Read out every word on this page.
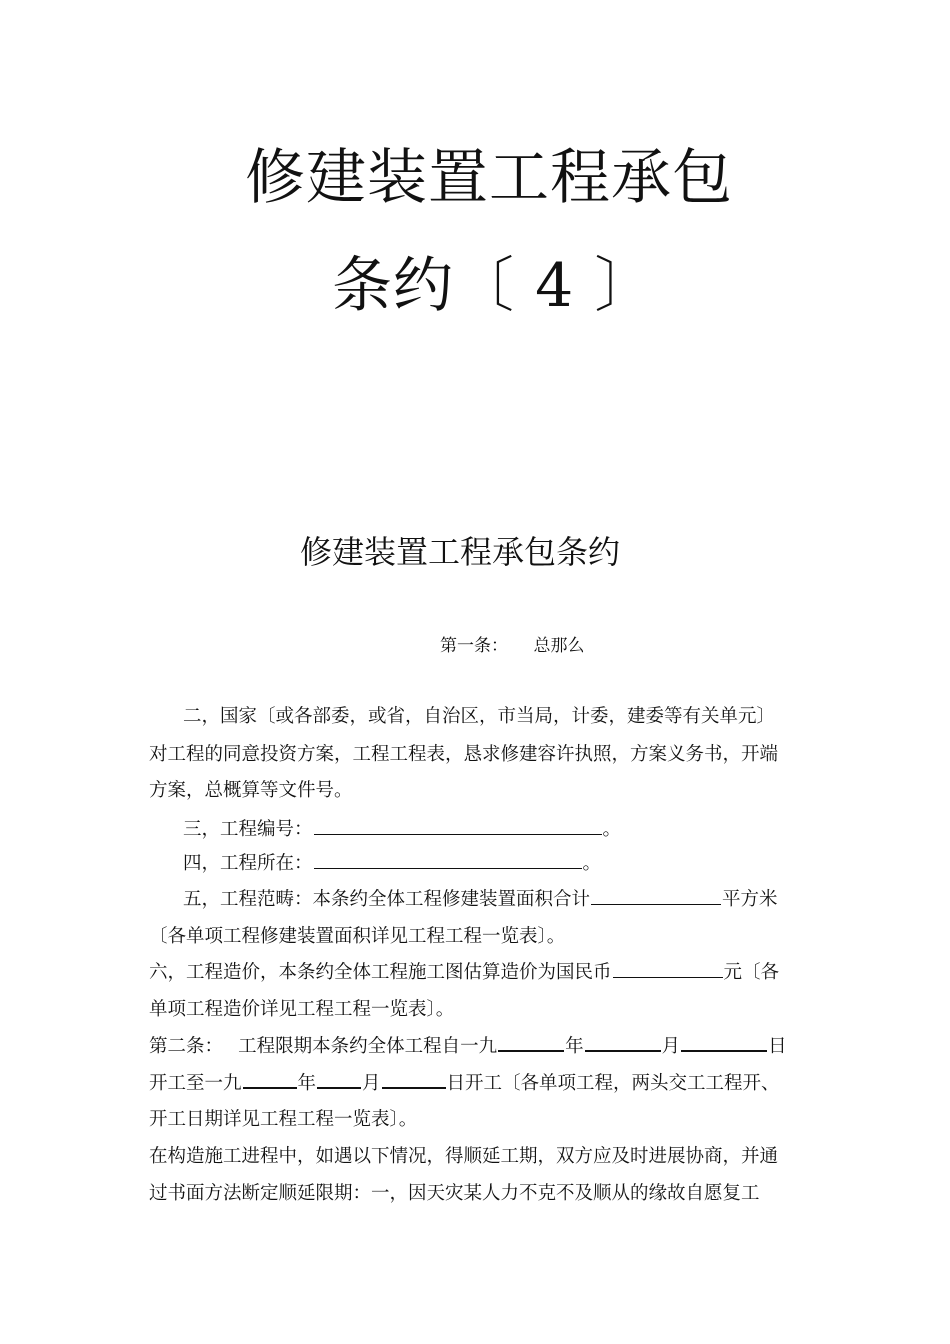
修建装置工程承包
条约〔 4 〕
修建装置工程承包条约
第一条：　　总那么
二，国家〔或各部委，或省，自治区，市当局，计委，建委等有关单元〕
对工程的同意投资方案，工程工程表，恳求修建容许执照，方案义务书，开端
方案，总概算等文件号。
三，工程编号：	。
四，工程所在：	。
五，工程范畴：本条约全体工程修建装置面积合计	平方米
〔各单项工程修建装置面积详见工程工程一览表〕。
六，工程造价，本条约全体工程施工图估算造价为国民币	元〔各
单项工程造价详见工程工程一览表〕。
第二条：　 工程限期本条约全体工程自一九	年	月	日
开工至一九	年 月	日开工〔各单项工程，两头交工工程开、
开工日期详见工程工程一览表〕。
在构造施工进程中，如遇以下情况，得顺延工期，双方应及时进展协商，并通
过书面方法断定顺延限期：一，因天灾某人力不克不及顺从的缘故自愿复工
